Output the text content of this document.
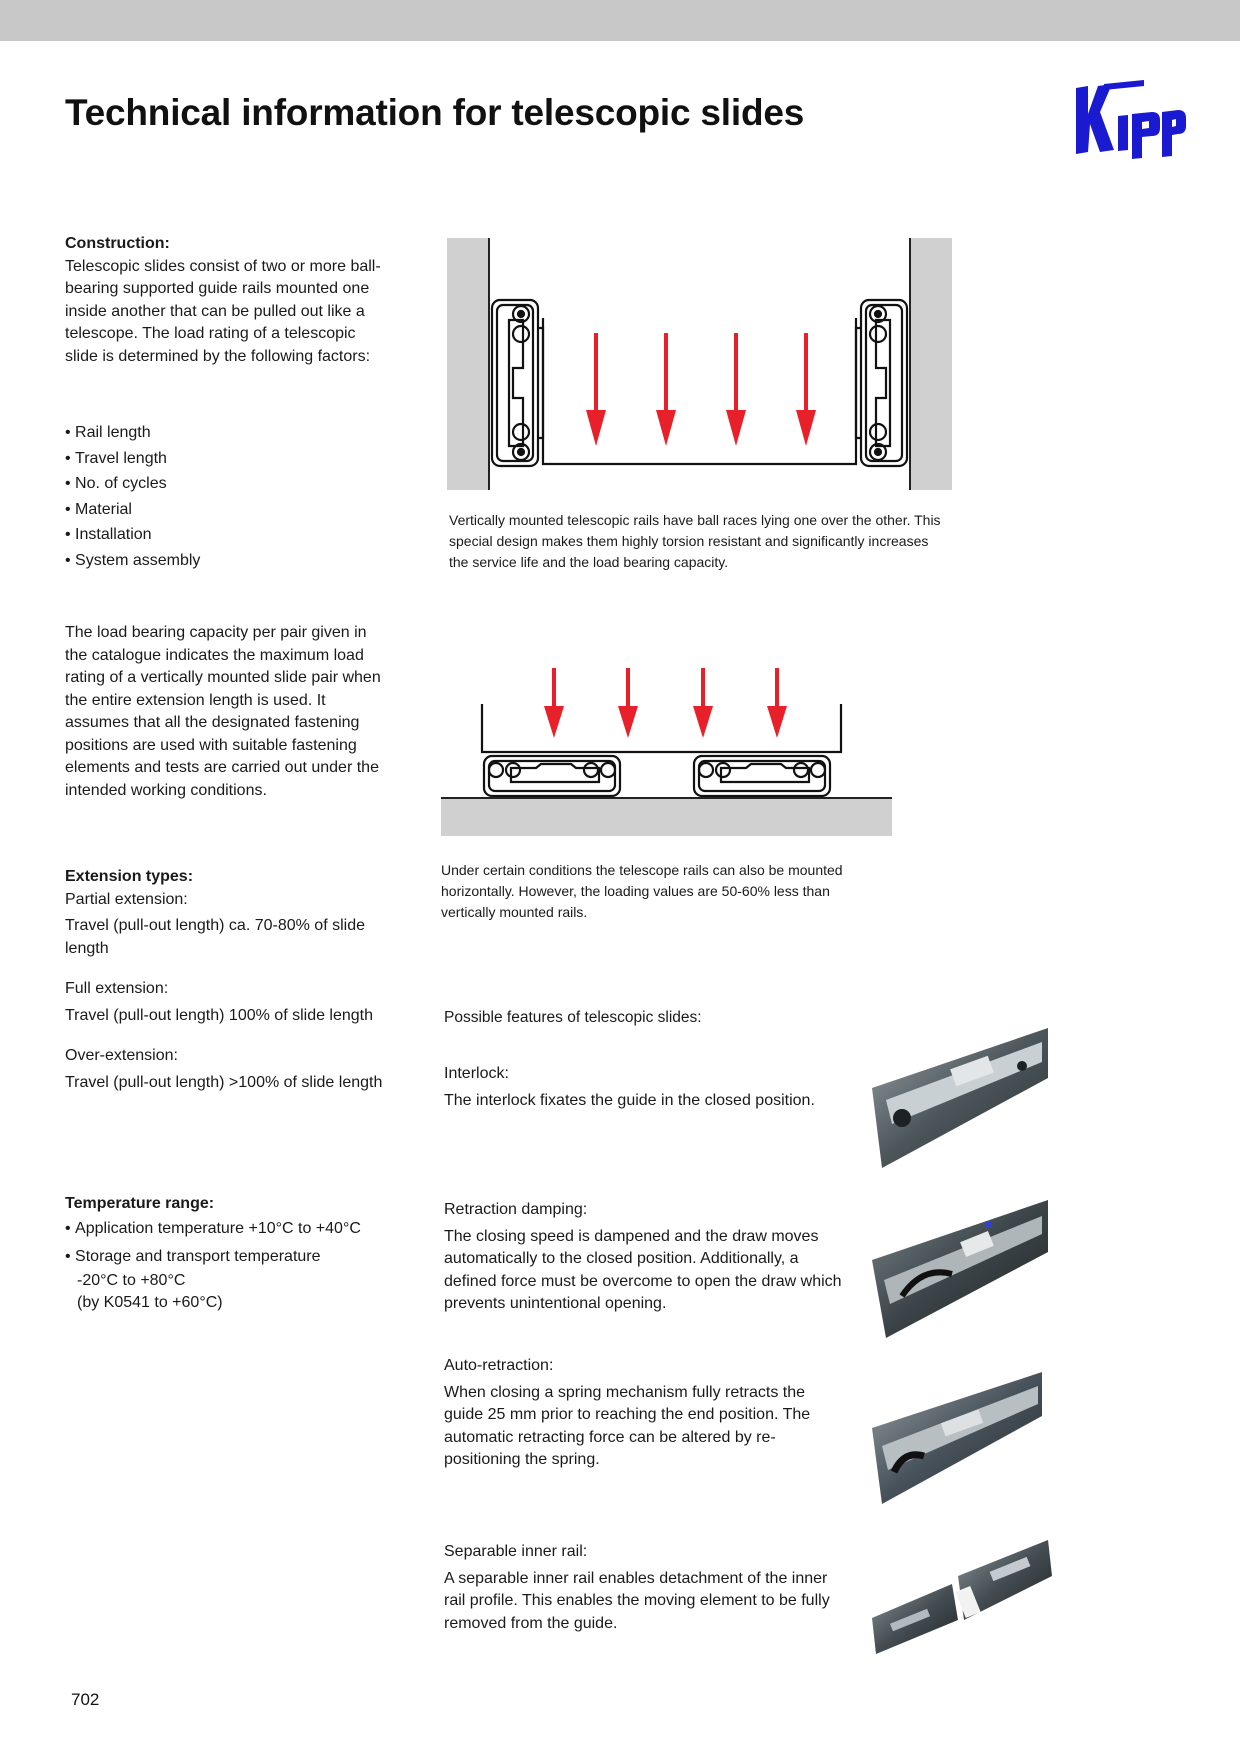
Technical information for telescopic slides

Construction:

Telescopic slides consist of two or more ball-bearing supported guide rails mounted one inside another that can be pulled out like a telescope. The load rating of a telescopic slide is determined by the following factors:

• Rail length
• Travel length
• No. of cycles
• Material
• Installation
• System assembly

The load bearing capacity per pair given in the catalogue indicates the maximum load rating of a vertically mounted slide pair when the entire extension length is used. It assumes that all the designated fastening positions are used with suitable fastening elements and tests are carried out under the intended working conditions.

Extension types:

Partial extension:

Travel (pull-out length) ca. 70-80% of slide length

Full extension:

Travel (pull-out length) 100% of slide length

Over-extension:

Travel (pull-out length) >100% of slide length

Temperature range:

• Application temperature +10°C to +40°C
• Storage and transport temperature

-20°C to +80°C

(by K0541 to +60°C)

Vertically mounted telescopic rails have ball races lying one over the other. This special design makes them highly torsion resistant and significantly increases the service life and the load bearing capacity.
Under certain conditions the telescope rails can also be mounted horizontally. However, the loading values are 50-60% less than vertically mounted rails.
Possible features of telescopic slides:

Interlock:

The interlock fixates the guide in the closed position.

Retraction damping:

The closing speed is dampened and the draw moves automatically to the closed position. Additionally, a defined force must be overcome to open the draw which prevents unintentional opening.

Auto-retraction:

When closing a spring mechanism fully retracts the guide 25 mm prior to reaching the end position. The automatic retracting force can be altered by re-positioning the spring.

Separable inner rail:

A separable inner rail enables detachment of the inner rail profile. This enables the moving element to be fully removed from the guide.

702
